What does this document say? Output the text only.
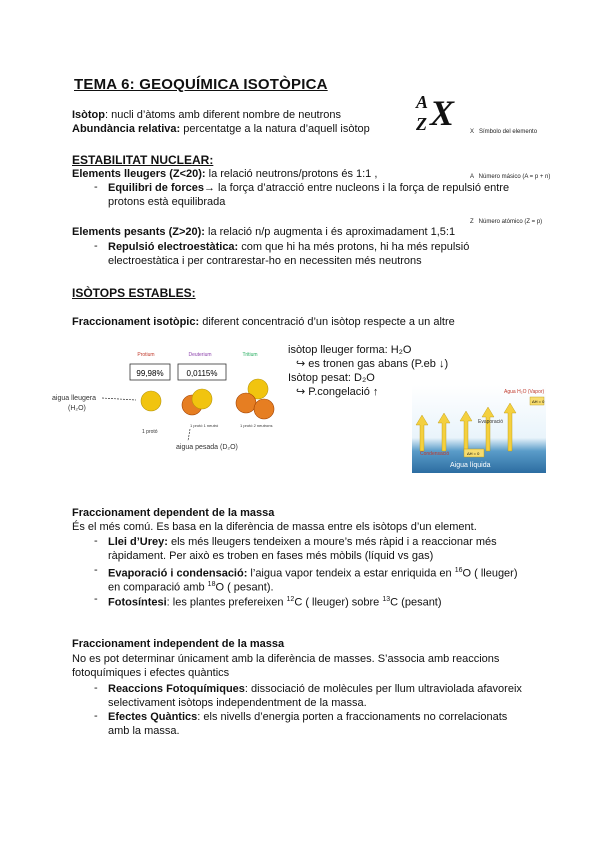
TEMA 6: GEOQUÍMICA ISOTÒPICA
Isòtop: nucli d’àtoms amb diferent nombre de neutrons
Abundància relativa: percentatge a la natura d’aquell isòtop
A
Z X

	X   Símbolo del elemento

A   Número másico (A = p + n)

Z   Número atómico (Z = p)

ESTABILITAT NUCLEAR:
Elements lleugers (Z<20): la relació neutrons/protons és 1:1 ,
- Equilibri de forces→ la força d’atracció entre nucleons i la força de repulsió entre
protons està equilibrada
Elements pesants (Z>20): la relació n/p augmenta i és aproximadament 1,5:1
- Repulsió electroestàtica: com que hi ha més protons, hi ha més repulsió
electroestàtica i per contrarestar-ho en necessiten més neutrons
ISÒTOPS ESTABLES:
Fraccionament isotòpic: diferent concentració d’un isòtop respecte a un altre
Protium	Deuterium	Tritium
99,98%	0,0115%
aigua lleugera
(H₂O)
1 protó
1 protó 1 neutró	1 protó 2 neutrons
aigua pesada (D₂O)
isòtop lleuger forma: H₂O
↪ es tronen gas abans (P.eb ↓)
Isòtop pesat: D₂O
↪ P.congelació ↑	Agua H₂O (Vapor)
ΔH = 0
Evaporació
Condensació	ΔH = 0
Aigua líquida
Fraccionament dependent de la massa
És el més comú. Es basa en la diferència de massa entre els isòtops d’un element.
- Llei d’Urey: els més lleugers tendeixen a moure’s més ràpid i a reaccionar més
ràpidament. Per això es troben en fases més mòbils (líquid vs gas)
- Evaporació i condensació: l’aigua vapor tendeix a estar enriquida en $^{16}$O ( lleuger)
en comparació amb $^{18}$O ( pesant).
- Fotosíntesi: les plantes prefereixen $^{12}$C ( lleuger) sobre $^{13}$C (pesant)
Fraccionament independent de la massa
No es pot determinar únicament amb la diferència de masses. S’associa amb reaccions
fotoquímiques i efectes quàntics
- Reaccions Fotoquímiques: dissociació de molècules per llum ultraviolada afavoreix
selectivament isòtops independentment de la massa.
- Efectes Quàntics: els nivells d’energia porten a fraccionaments no correlacionats
amb la massa.
